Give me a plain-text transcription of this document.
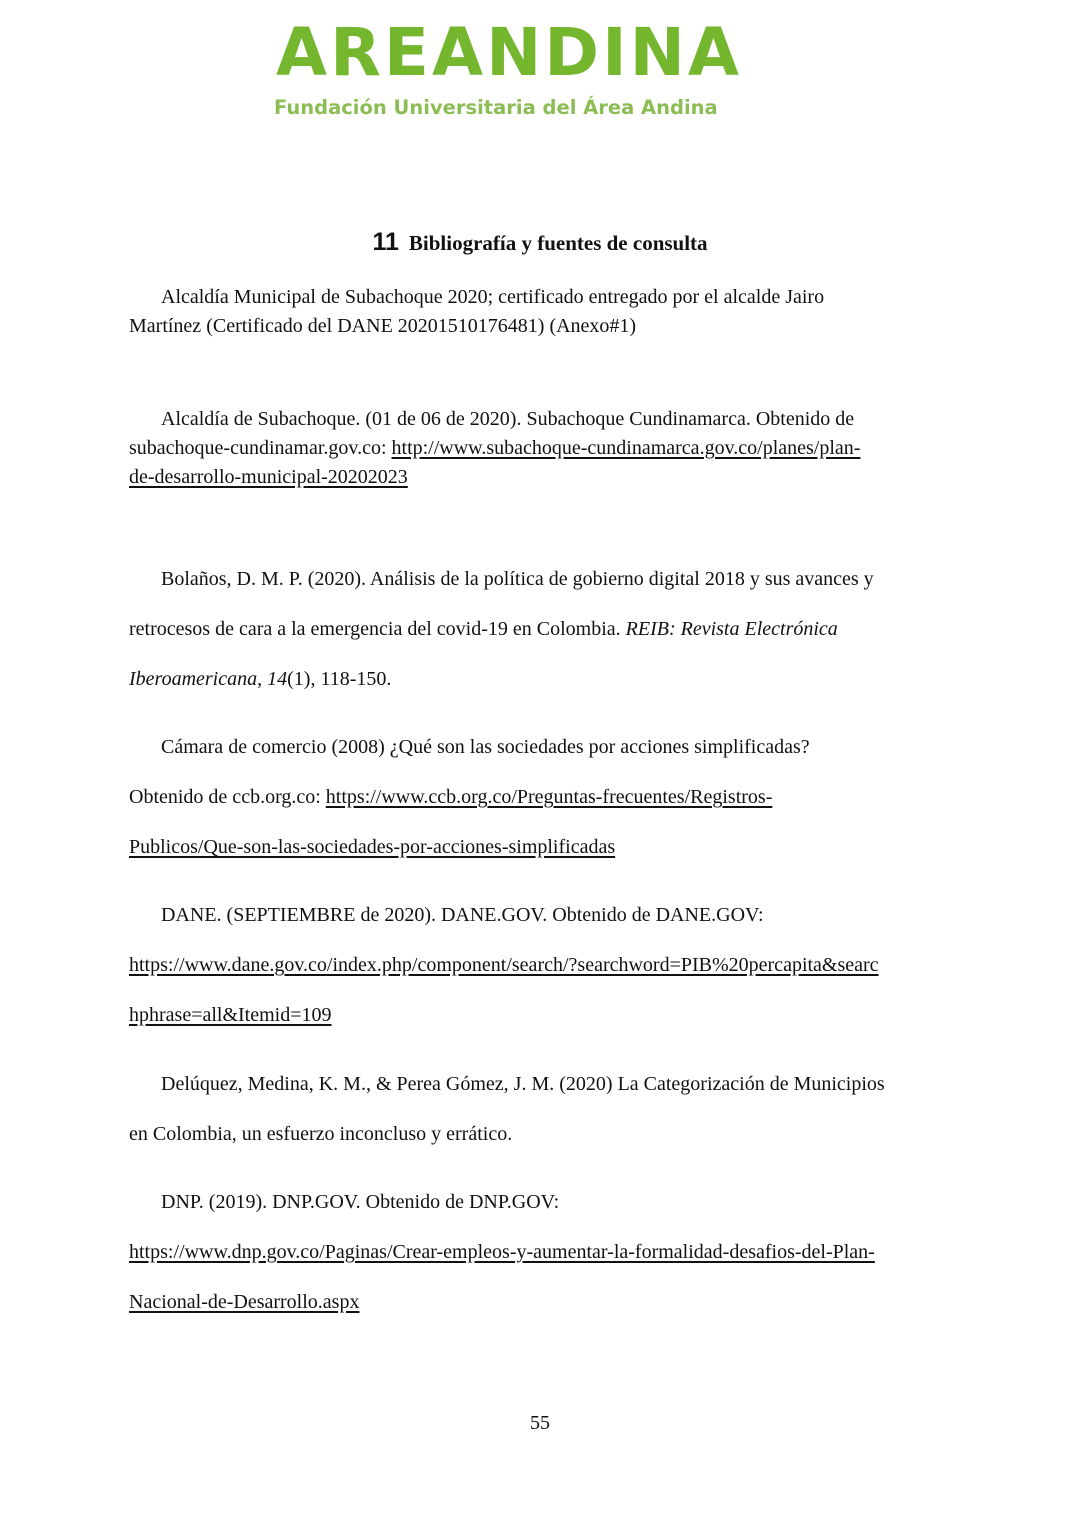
AREANDINA
Fundación Universitaria del Área Andina
11 Bibliografía y fuentes de consulta
Alcaldía Municipal de Subachoque 2020; certificado entregado por el alcalde Jairo
Martínez (Certificado del DANE 20201510176481) (Anexo#1)
Alcaldía de Subachoque. (01 de 06 de 2020). Subachoque Cundinamarca. Obtenido de
subachoque-cundinamar.gov.co: http://www.subachoque-cundinamarca.gov.co/planes/plan-
de-desarrollo-municipal-20202023
Bolaños, D. M. P. (2020). Análisis de la política de gobierno digital 2018 y sus avances y
retrocesos de cara a la emergencia del covid-19 en Colombia. REIB: Revista Electrónica
Iberoamericana, 14(1), 118-150.
Cámara de comercio (2008) ¿Qué son las sociedades por acciones simplificadas?
Obtenido de ccb.org.co: https://www.ccb.org.co/Preguntas-frecuentes/Registros-
Publicos/Que-son-las-sociedades-por-acciones-simplificadas
DANE. (SEPTIEMBRE de 2020). DANE.GOV. Obtenido de DANE.GOV:
https://www.dane.gov.co/index.php/component/search/?searchword=PIB%20percapita&searc
hphrase=all&Itemid=109
Delúquez, Medina, K. M., & Perea Gómez, J. M. (2020) La Categorización de Municipios
en Colombia, un esfuerzo inconcluso y errático.
DNP. (2019). DNP.GOV. Obtenido de DNP.GOV:
https://www.dnp.gov.co/Paginas/Crear-empleos-y-aumentar-la-formalidad-desafios-del-Plan-
Nacional-de-Desarrollo.aspx
55
